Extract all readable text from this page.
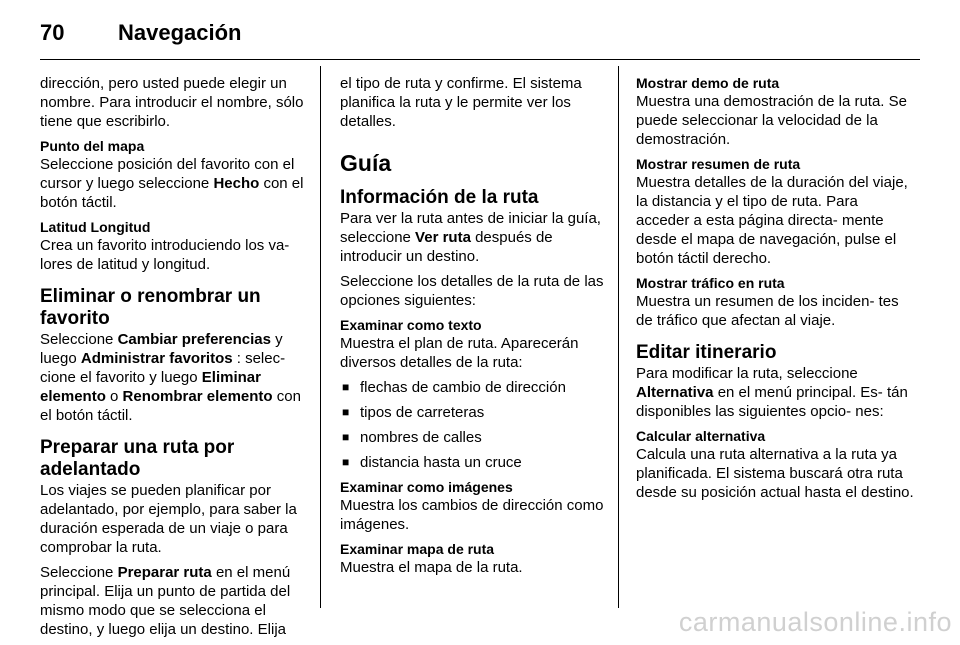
70 Navegación

dirección, pero usted puede elegir un nombre. Para introducir el nombre, sólo tiene que escribirlo.

Punto del mapa

Seleccione posición del favorito con el cursor y luego seleccione Hecho con el botón táctil.

Latitud Longitud

Crea un favorito introduciendo los va- lores de latitud y longitud.

Eliminar o renombrar un favorito

Seleccione Cambiar preferencias y luego Administrar favoritos : selec- cione el favorito y luego Eliminar elemento o Renombrar elemento con el botón táctil.

Preparar una ruta por adelantado

Los viajes se pueden planificar por adelantado, por ejemplo, para saber la duración esperada de un viaje o para comprobar la ruta.

Seleccione Preparar ruta en el menú principal. Elija un punto de partida del mismo modo que se selecciona el destino, y luego elija un destino. Elija

el tipo de ruta y confirme. El sistema planifica la ruta y le permite ver los detalles.

Guía
Información de la ruta

Para ver la ruta antes de iniciar la guía, seleccione Ver ruta después de introducir un destino.

Seleccione los detalles de la ruta de las opciones siguientes:

Examinar como texto

Muestra el plan de ruta. Aparecerán diversos detalles de la ruta:

■ flechas de cambio de dirección
■ tipos de carreteras
■ nombres de calles
■ distancia hasta un cruce
Examinar como imágenes

Muestra los cambios de dirección como imágenes.

Examinar mapa de ruta

Muestra el mapa de la ruta.

Mostrar demo de ruta

Muestra una demostración de la ruta. Se puede seleccionar la velocidad de la demostración.

Mostrar resumen de ruta

Muestra detalles de la duración del viaje, la distancia y el tipo de ruta. Para acceder a esta página directa- mente desde el mapa de navegación, pulse el botón táctil derecho.

Mostrar tráfico en ruta

Muestra un resumen de los inciden- tes de tráfico que afectan al viaje.

Editar itinerario

Para modificar la ruta, seleccione Alternativa en el menú principal. Es- tán disponibles las siguientes opcio- nes:

Calcular alternativa

Calcula una ruta alternativa a la ruta ya planificada. El sistema buscará otra ruta desde su posición actual hasta el destino.

carmanualsonline.info
